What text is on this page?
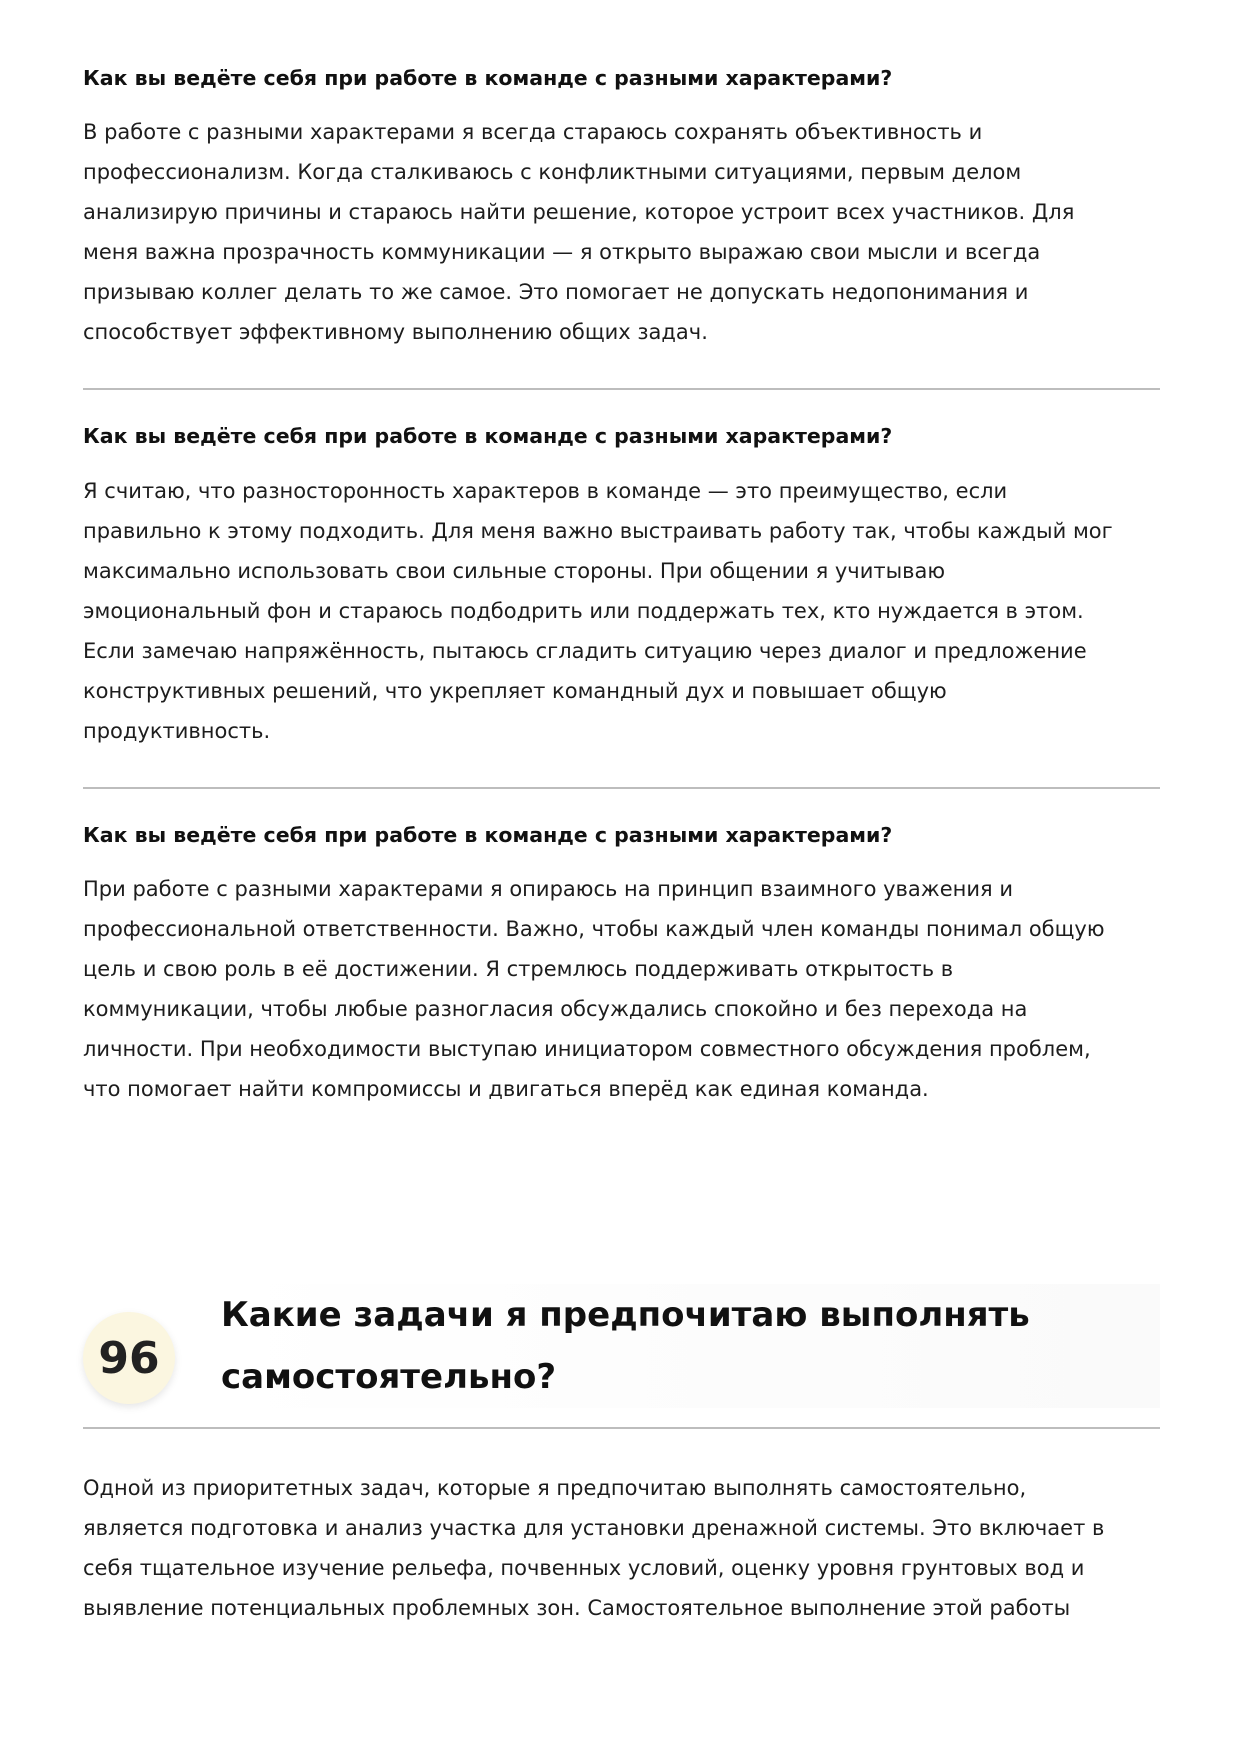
Как вы ведёте себя при работе в команде с разными характерами?

В работе с разными характерами я всегда стараюсь сохранять объективность и
профессионализм. Когда сталкиваюсь с конфликтными ситуациями, первым делом
анализирую причины и стараюсь найти решение, которое устроит всех участников. Для
меня важна прозрачность коммуникации — я открыто выражаю свои мысли и всегда
призываю коллег делать то же самое. Это помогает не допускать недопонимания и
способствует эффективному выполнению общих задач.

Как вы ведёте себя при работе в команде с разными характерами?

Я считаю, что разносторонность характеров в команде — это преимущество, если
правильно к этому подходить. Для меня важно выстраивать работу так, чтобы каждый мог
максимально использовать свои сильные стороны. При общении я учитываю
эмоциональный фон и стараюсь подбодрить или поддержать тех, кто нуждается в этом.
Если замечаю напряжённость, пытаюсь сгладить ситуацию через диалог и предложение
конструктивных решений, что укрепляет командный дух и повышает общую
продуктивность.

Как вы ведёте себя при работе в команде с разными характерами?

При работе с разными характерами я опираюсь на принцип взаимного уважения и
профессиональной ответственности. Важно, чтобы каждый член команды понимал общую
цель и свою роль в её достижении. Я стремлюсь поддерживать открытость в
коммуникации, чтобы любые разногласия обсуждались спокойно и без перехода на
личности. При необходимости выступаю инициатором совместного обсуждения проблем,
что помогает найти компромиссы и двигаться вперёд как единая команда.
96
Какие задачи я предпочитаю выполнять
самостоятельно?
Одной из приоритетных задач, которые я предпочитаю выполнять самостоятельно,
является подготовка и анализ участка для установки дренажной системы. Это включает в
себя тщательное изучение рельефа, почвенных условий, оценку уровня грунтовых вод и
выявление потенциальных проблемных зон. Самостоятельное выполнение этой работы
